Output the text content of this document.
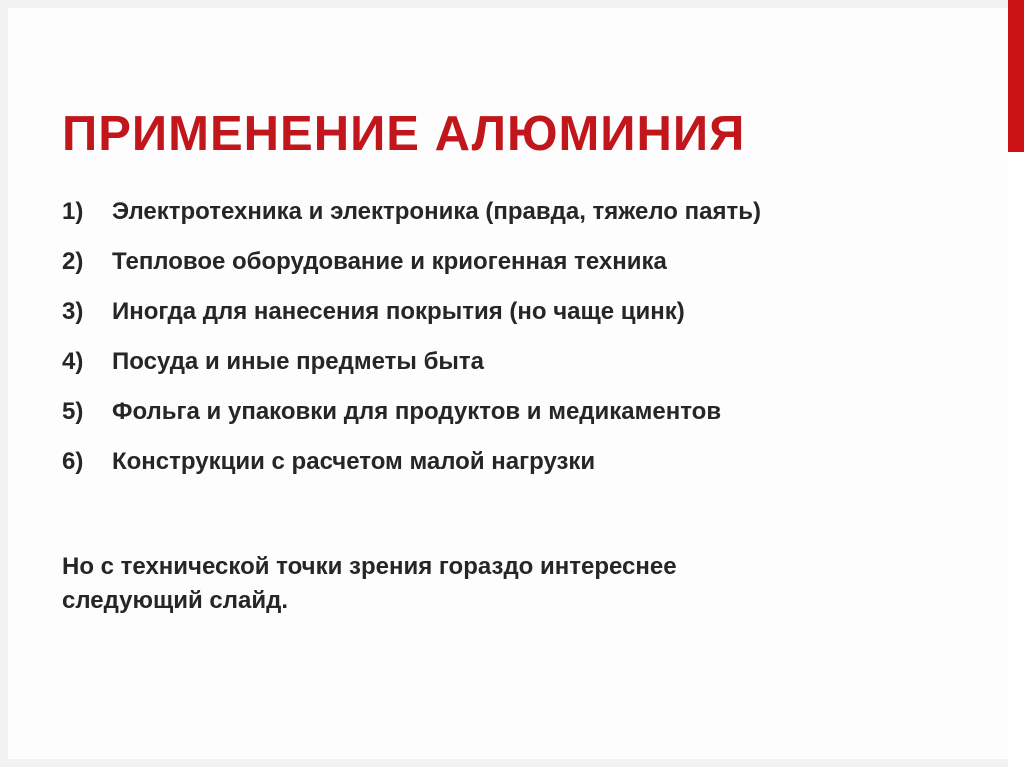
ПРИМЕНЕНИЕ АЛЮМИНИЯ
1)	Электротехника и электроника (правда, тяжело паять)
2)	Тепловое оборудование и криогенная техника
3)	Иногда для нанесения покрытия (но чаще цинк)
4)	Посуда и иные предметы быта
5)	Фольга и упаковки для продуктов и медикаментов
6)	Конструкции с расчетом малой нагрузки

Но с технической точки зрения гораздо интереснее
следующий слайд.
